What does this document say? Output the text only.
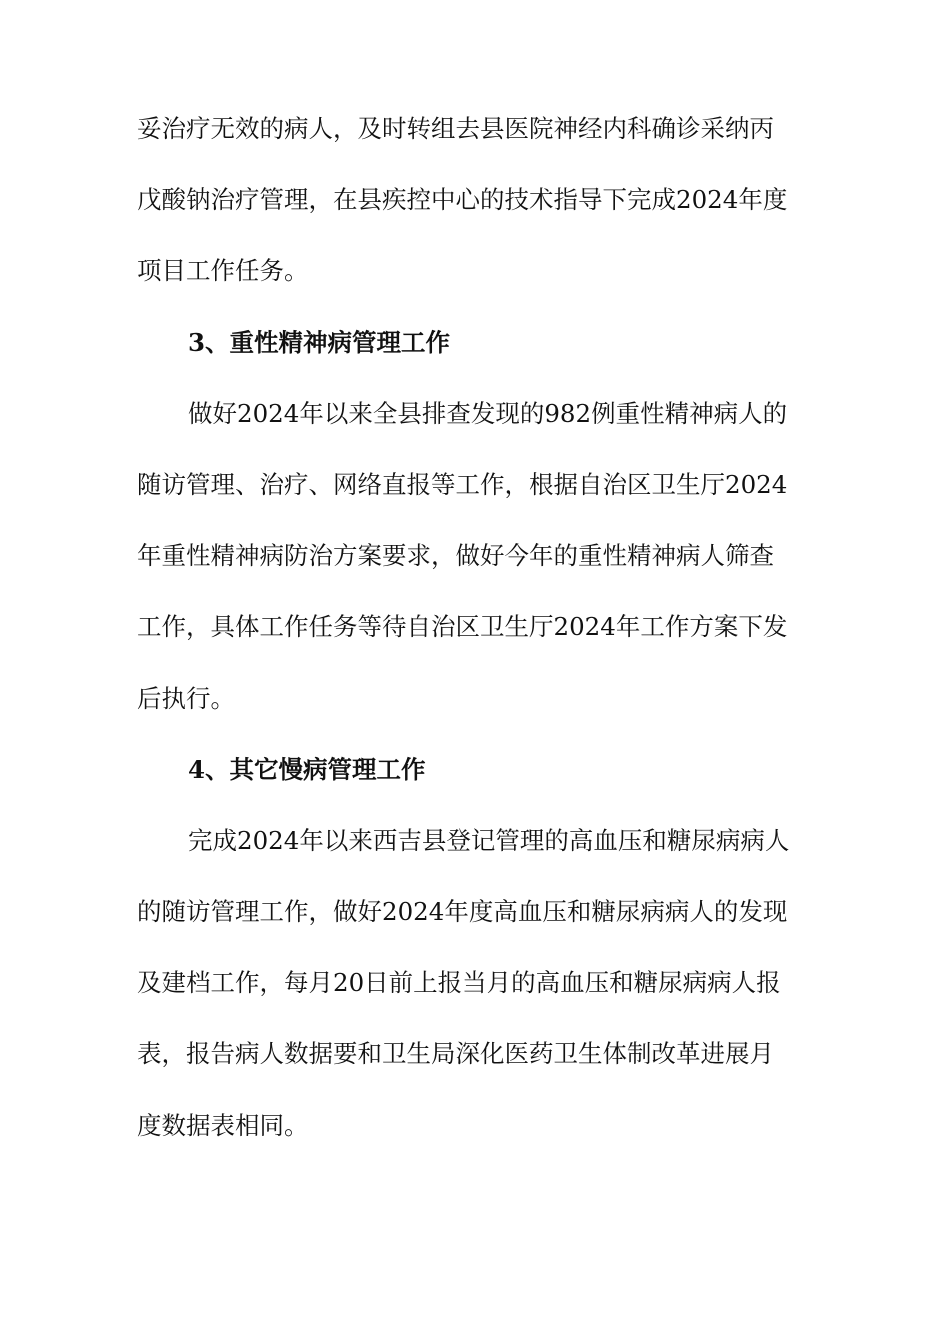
妥治疗无效的病人，及时转组去县医院神经内科确诊采纳丙
戊酸钠治疗管理，在县疾控中心的技术指导下完成2024年度
项目工作任务。
3、重性精神病管理工作
做好2024年以来全县排查发现的982例重性精神病人的
随访管理、治疗、网络直报等工作，根据自治区卫生厅2024
年重性精神病防治方案要求，做好今年的重性精神病人筛查
工作，具体工作任务等待自治区卫生厅2024年工作方案下发
后执行。
4、其它慢病管理工作
完成2024年以来西吉县登记管理的高血压和糖尿病病人
的随访管理工作，做好2024年度高血压和糖尿病病人的发现
及建档工作，每月20日前上报当月的高血压和糖尿病病人报
表，报告病人数据要和卫生局深化医药卫生体制改革进展月
度数据表相同。
